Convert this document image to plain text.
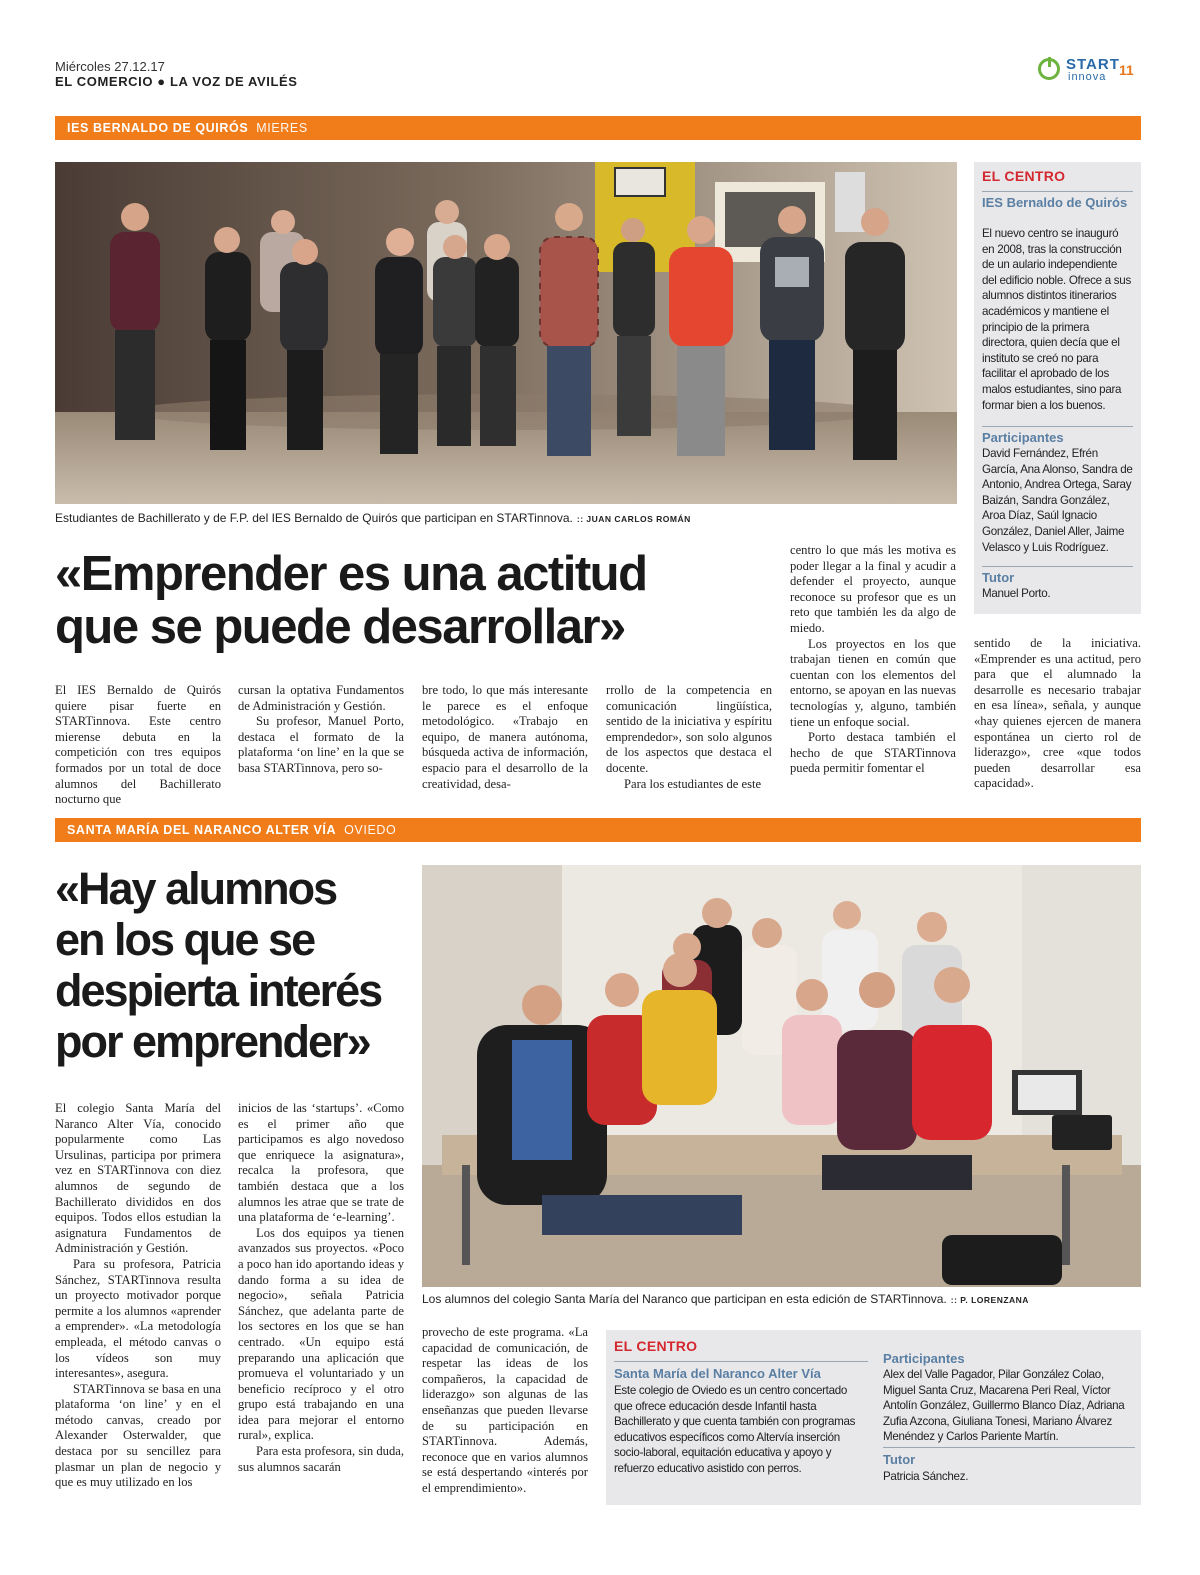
Miércoles 27.12.17
EL COMERCIO ● LA VOZ DE AVILÉS
START
innova 11
IES BERNALDO DE QUIRÓS MIERES
Estudiantes de Bachillerato y de F.P. del IES Bernaldo de Quirós que participan en STARTinnova. :: JUAN CARLOS ROMÁN
«Emprender es una actitud
que se puede desarrollar»

El IES Bernaldo de Quirós quiere pisar fuerte en STARTinnova. Este centro mierense debuta en la competición con tres equipos formados por un total de doce alumnos del Bachillerato nocturno que

cursan la optativa Fundamentos de Administración y Gestión.

Su profesor, Manuel Porto, destaca el formato de la plataforma ‘on line’ en la que se basa STARTinnova, pero so-

bre todo, lo que más interesante le parece es el enfoque metodológico. «Trabajo en equipo, de manera autónoma, búsqueda activa de información, espacio para el desarrollo de la creatividad, desa-

rrollo de la competencia en comunicación lingüística, sentido de la iniciativa y espíritu emprendedor», son solo algunos de los aspectos que destaca el docente.

Para los estudiantes de este

centro lo que más les motiva es poder llegar a la final y acudir a defender el proyecto, aunque reconoce su profesor que es un reto que también les da algo de miedo.

Los proyectos en los que trabajan tienen en común que cuentan con los elementos del entorno, se apoyan en las nuevas tecnologías y, alguno, también tiene un enfoque social.

Porto destaca también el hecho de que STARTinnova pueda permitir fomentar el

sentido de la iniciativa. «Emprender es una actitud, pero para que el alumnado la desarrolle es necesario trabajar en esa línea», señala, y aunque «hay quienes ejercen de manera espontánea un cierto rol de liderazgo», cree «que todos pueden desarrollar esa capacidad».

EL CENTRO
IES Bernaldo de Quirós
El nuevo centro se inauguró en 2008, tras la construcción de un aulario independiente del edificio noble. Ofrece a sus alumnos distintos itinerarios académicos y mantiene el principio de la primera directora, quien decía que el instituto se creó no para facilitar el aprobado de los malos estudiantes, sino para formar bien a los buenos.
Participantes
David Fernández, Efrén García, Ana Alonso, Sandra de Antonio, Andrea Ortega, Saray Baizán, Sandra González, Aroa Díaz, Saúl Ignacio González, Daniel Aller, Jaime Velasco y Luis Rodríguez.
Tutor
Manuel Porto.
SANTA MARÍA DEL NARANCO ALTER VÍA OVIEDO
«Hay alumnos
en los que se
despierta interés
por emprender»
Los alumnos del colegio Santa María del Naranco que participan en esta edición de STARTinnova. :: P. LORENZANA

El colegio Santa María del Naranco Alter Vía, conocido popularmente como Las Ursulinas, participa por primera vez en STARTinnova con diez alumnos de segundo de Bachillerato divididos en dos equipos. Todos ellos estudian la asignatura Fundamentos de Administración y Gestión.

Para su profesora, Patricia Sánchez, STARTinnova resulta un proyecto motivador porque permite a los alumnos «aprender a emprender». «La metodología empleada, el método canvas o los vídeos son muy interesantes», asegura.

STARTinnova se basa en una plataforma ‘on line’ y en el método canvas, creado por Alexander Osterwalder, que destaca por su sencillez para plasmar un plan de negocio y que es muy utilizado en los

inicios de las ‘startups’. «Como es el primer año que participamos es algo novedoso que enriquece la asignatura», recalca la profesora, que también destaca que a los alumnos les atrae que se trate de una plataforma de ‘e-learning’.

Los dos equipos ya tienen avanzados sus proyectos. «Poco a poco han ido aportando ideas y dando forma a su idea de negocio», señala Patricia Sánchez, que adelanta parte de los sectores en los que se han centrado. «Un equipo está preparando una aplicación que promueva el voluntariado y un beneficio recíproco y el otro grupo está trabajando en una idea para mejorar el entorno rural», explica.

Para esta profesora, sin duda, sus alumnos sacarán

provecho de este programa. «La capacidad de comunicación, de respetar las ideas de los compañeros, la capacidad de liderazgo» son algunas de las enseñanzas que pueden llevarse de su participación en STARTinnova. Además, reconoce que en varios alumnos se está despertando «interés por el emprendimiento».

EL CENTRO
Santa María del Naranco Alter Vía
Este colegio de Oviedo es un centro concertado que ofrece educación desde Infantil hasta Bachillerato y que cuenta también con programas educativos específicos como Altervía inserción socio-laboral, equitación educativa y apoyo y refuerzo educativo asistido con perros.
Participantes
Alex del Valle Pagador, Pilar González Colao, Miguel Santa Cruz, Macarena Peri Real, Víctor Antolín González, Guillermo Blanco Díaz, Adriana Zufia Azcona, Giuliana Tonesi, Mariano Álvarez Menéndez y Carlos Pariente Martín.
Tutor
Patricia Sánchez.
